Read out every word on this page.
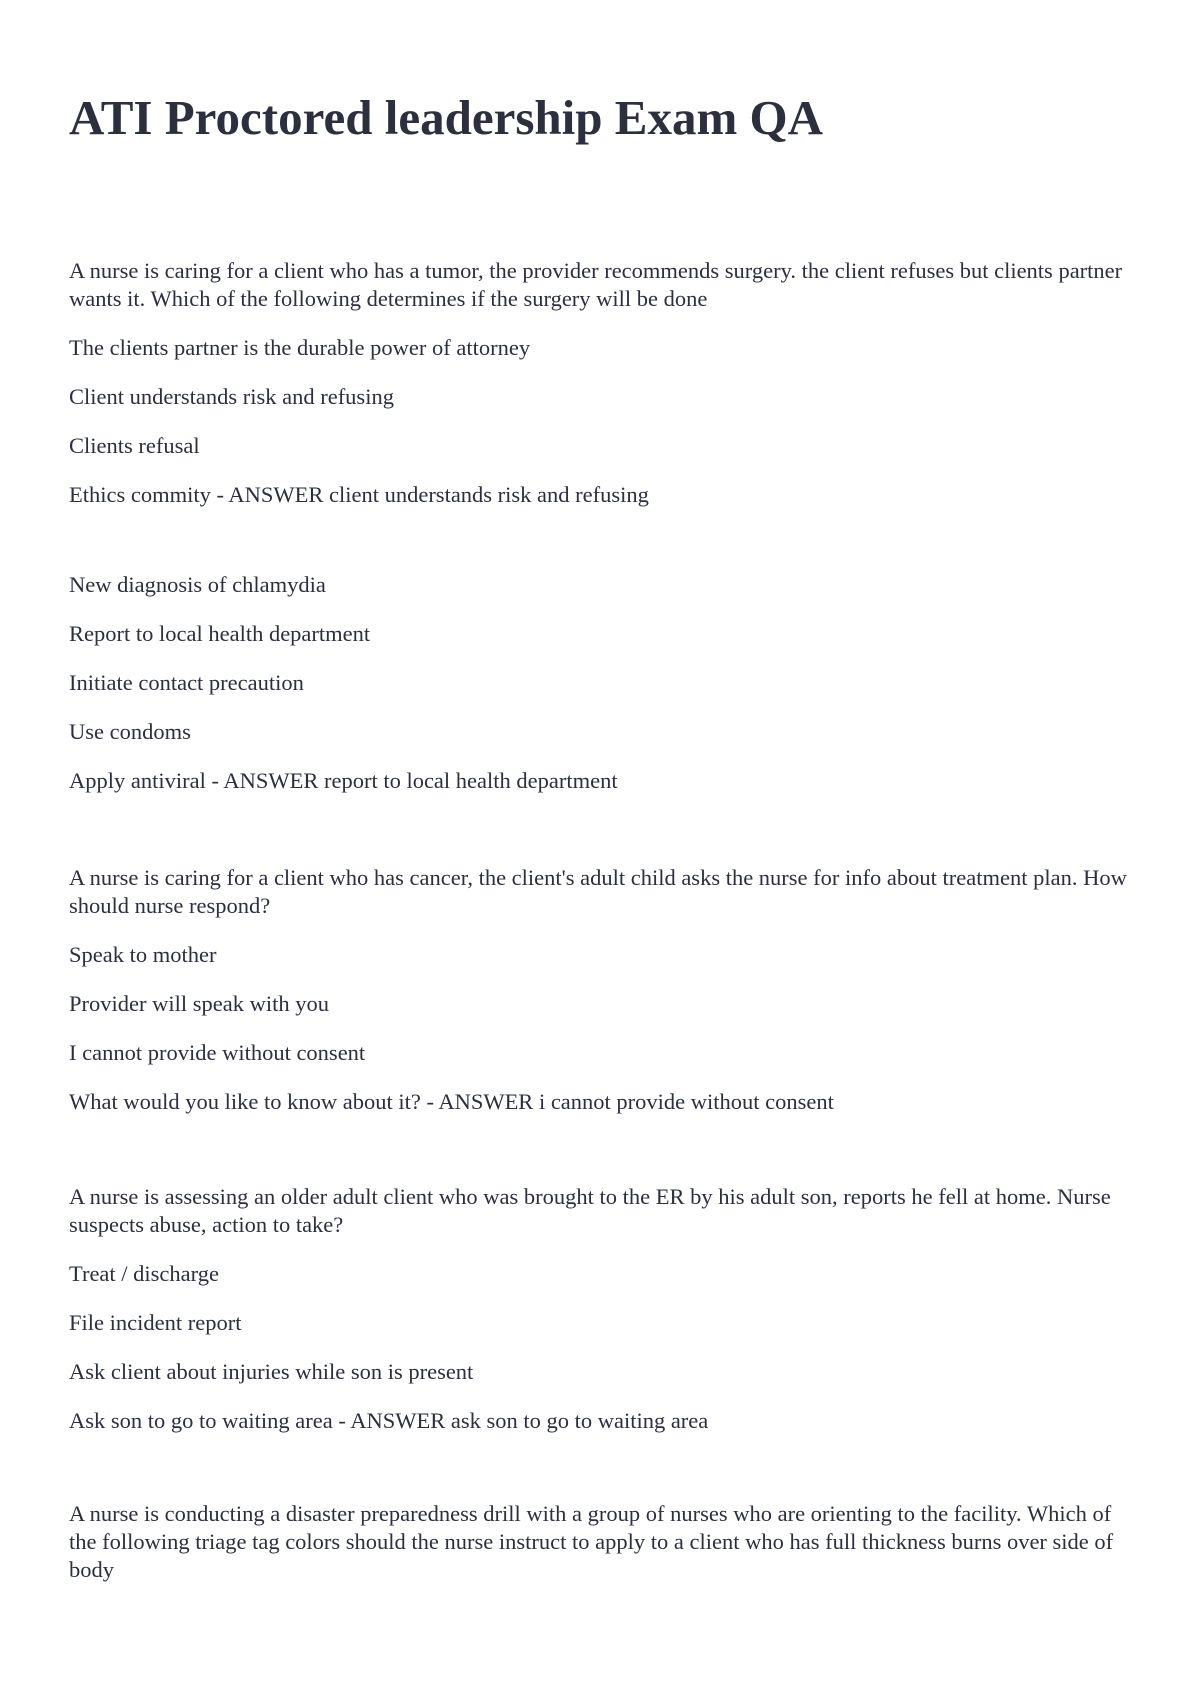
ATI Proctored leadership Exam QA

A nurse is caring for a client who has a tumor, the provider recommends surgery. the client refuses but clients partner wants it. Which of the following determines if the surgery will be done

The clients partner is the durable power of attorney

Client understands risk and refusing

Clients refusal

Ethics commity - ANSWER client understands risk and refusing

New diagnosis of chlamydia

Report to local health department

Initiate contact precaution

Use condoms

Apply antiviral - ANSWER report to local health department

A nurse is caring for a client who has cancer, the client's adult child asks the nurse for info about treatment plan. How should nurse respond?

Speak to mother

Provider will speak with you

I cannot provide without consent

What would you like to know about it? - ANSWER i cannot provide without consent

A nurse is assessing an older adult client who was brought to the ER by his adult son, reports he fell at home. Nurse suspects abuse, action to take?

Treat / discharge

File incident report

Ask client about injuries while son is present

Ask son to go to waiting area - ANSWER ask son to go to waiting area

A nurse is conducting a disaster preparedness drill with a group of nurses who are orienting to the facility. Which of the following triage tag colors should the nurse instruct to apply to a client who has full thickness burns over side of body
